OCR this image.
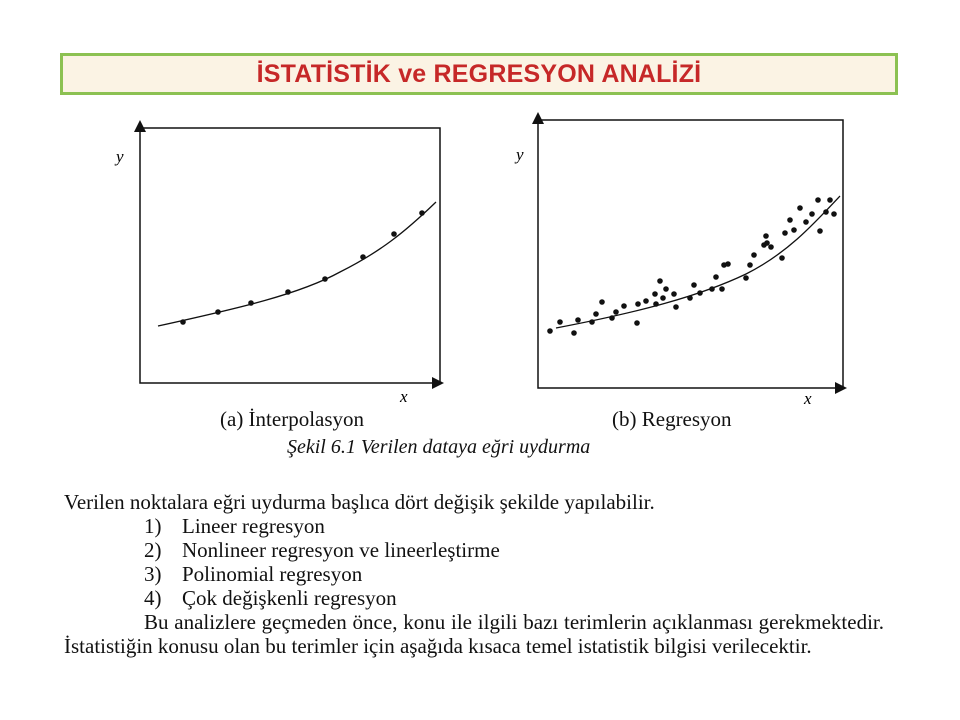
İSTATİSTİK ve REGRESYON ANALİZİ
y
x
y
x
(a) İnterpolasyon	(b) Regresyon
Şekil 6.1 Verilen dataya eğri uydurma
Verilen noktalara eğri uydurma başlıca dört değişik şekilde yapılabilir.
1) Lineer regresyon
2) Nonlineer regresyon ve lineerleştirme
3) Polinomial regresyon
4) Çok değişkenli regresyon

Bu analizlere geçmeden önce, konu ile ilgili bazı terimlerin açıklanması gerekmektedir. İstatistiğin konusu olan bu terimler için aşağıda kısaca temel istatistik bilgisi verilecektir.
